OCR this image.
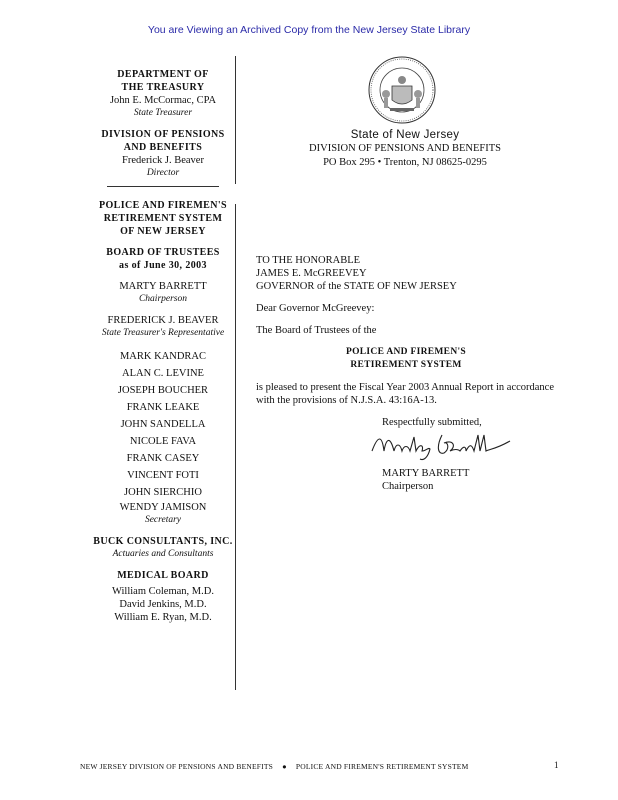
You are Viewing an Archived Copy from the New Jersey State Library
DEPARTMENT OF
THE TREASURY
John E. McCormac, CPA
State Treasurer
DIVISION OF PENSIONS
AND BENEFITS
Frederick J. Beaver
Director
POLICE AND FIREMEN'S
RETIREMENT SYSTEM
OF NEW JERSEY
BOARD OF TRUSTEES
as of June 30, 2003
MARTY BARRETT
Chairperson
FREDERICK J. BEAVER
State Treasurer's Representative
MARK KANDRAC
ALAN C. LEVINE
JOSEPH BOUCHER
FRANK LEAKE
JOHN SANDELLA
NICOLE FAVA
FRANK CASEY
VINCENT FOTI
JOHN SIERCHIO
WENDY JAMISON
Secretary
BUCK CONSULTANTS, INC.
Actuaries and Consultants
MEDICAL BOARD
William Coleman, M.D.
David Jenkins, M.D.
William E. Ryan, M.D.
State of New Jersey
DIVISION OF PENSIONS AND BENEFITS
PO Box 295 • Trenton, NJ 08625-0295
TO THE HONORABLE
JAMES E. McGREEVEY
GOVERNOR of the STATE OF NEW JERSEY
Dear Governor McGreevey:
The Board of Trustees of the
POLICE AND FIREMEN'S
RETIREMENT SYSTEM
is pleased to present the Fiscal Year 2003 Annual Report in accordance with the provisions of N.J.S.A. 43:16A-13.
Respectfully submitted,
MARTY BARRETT
Chairperson
NEW JERSEY DIVISION OF PENSIONS AND BENEFITS ● POLICE AND FIREMEN'S RETIREMENT SYSTEM	1
